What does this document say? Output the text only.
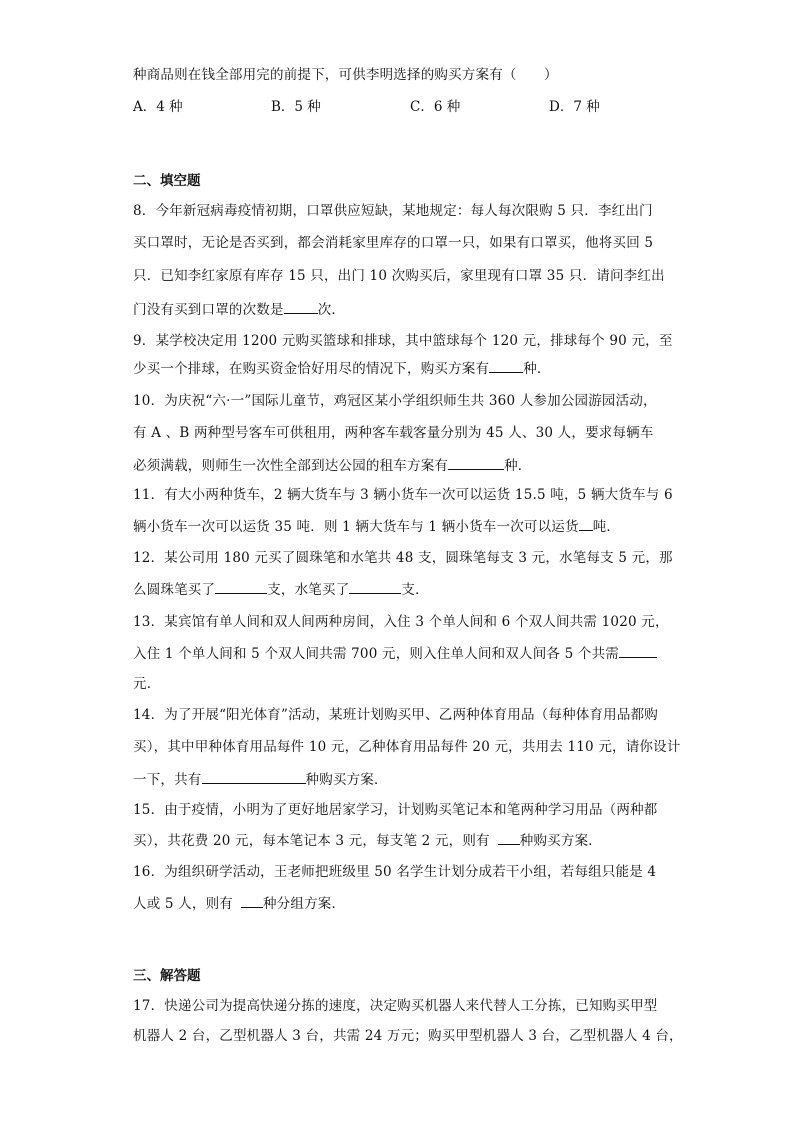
种商品则在钱全部用完的前提下，可供李明选择的购买方案有（　　）
A．4 种	B．5 种	C．6 种	D．7 种
二、填空题
8．今年新冠病毒疫情初期，口罩供应短缺，某地规定：每人每次限购 5 只．李红出门
买口罩时，无论是否买到，都会消耗家里库存的口罩一只，如果有口罩买，他将买回 5
只．已知李红家原有库存 15 只，出门 10 次购买后，家里现有口罩 35 只．请问李红出
门没有买到口罩的次数是	次．
9．某学校决定用 1200 元购买篮球和排球，其中篮球每个 120 元，排球每个 90 元，至
少买一个排球，在购买资金恰好用尽的情况下，购买方案有	种．
10．为庆祝“六·一”国际儿童节，鸡冠区某小学组织师生共 360 人参加公园游园活动，
有 A 、B 两种型号客车可供租用，两种客车载客量分别为 45 人、30 人，要求每辆车
必须满载，则师生一次性全部到达公园的租车方案有	种．
11．有大小两种货车，2 辆大货车与 3 辆小货车一次可以运货 15.5 吨，5 辆大货车与 6
辆小货车一次可以运货 35 吨．则 1 辆大货车与 1 辆小货车一次可以运货 吨．
12．某公司用 180 元买了圆珠笔和水笔共 48 支，圆珠笔每支 3 元，水笔每支 5 元，那
么圆珠笔买了	支，水笔买了	支．
13．某宾馆有单人间和双人间两种房间，入住 3 个单人间和 6 个双人间共需 1020 元，
入住 1 个单人间和 5 个双人间共需 700 元，则入住单人间和双人间各 5 个共需
元．
14．为了开展“阳光体育”活动，某班计划购买甲、乙两种体育用品（每种体育用品都购
买），其中甲种体育用品每件 10 元，乙种体育用品每件 20 元，共用去 110 元，请你设计
一下，共有	种购买方案．
15．由于疫情，小明为了更好地居家学习，计划购买笔记本和笔两种学习用品（两种都
买），共花费 20 元，每本笔记本 3 元，每支笔 2 元，则有 种购买方案．
16．为组织研学活动，王老师把班级里 50 名学生计划分成若干小组，若每组只能是 4
人或 5 人，则有 种分组方案．
三、解答题
17．快递公司为提高快递分拣的速度，决定购买机器人来代替人工分拣，已知购买甲型
机器人 2 台，乙型机器人 3 台，共需 24 万元；购买甲型机器人 3 台，乙型机器人 4 台，
